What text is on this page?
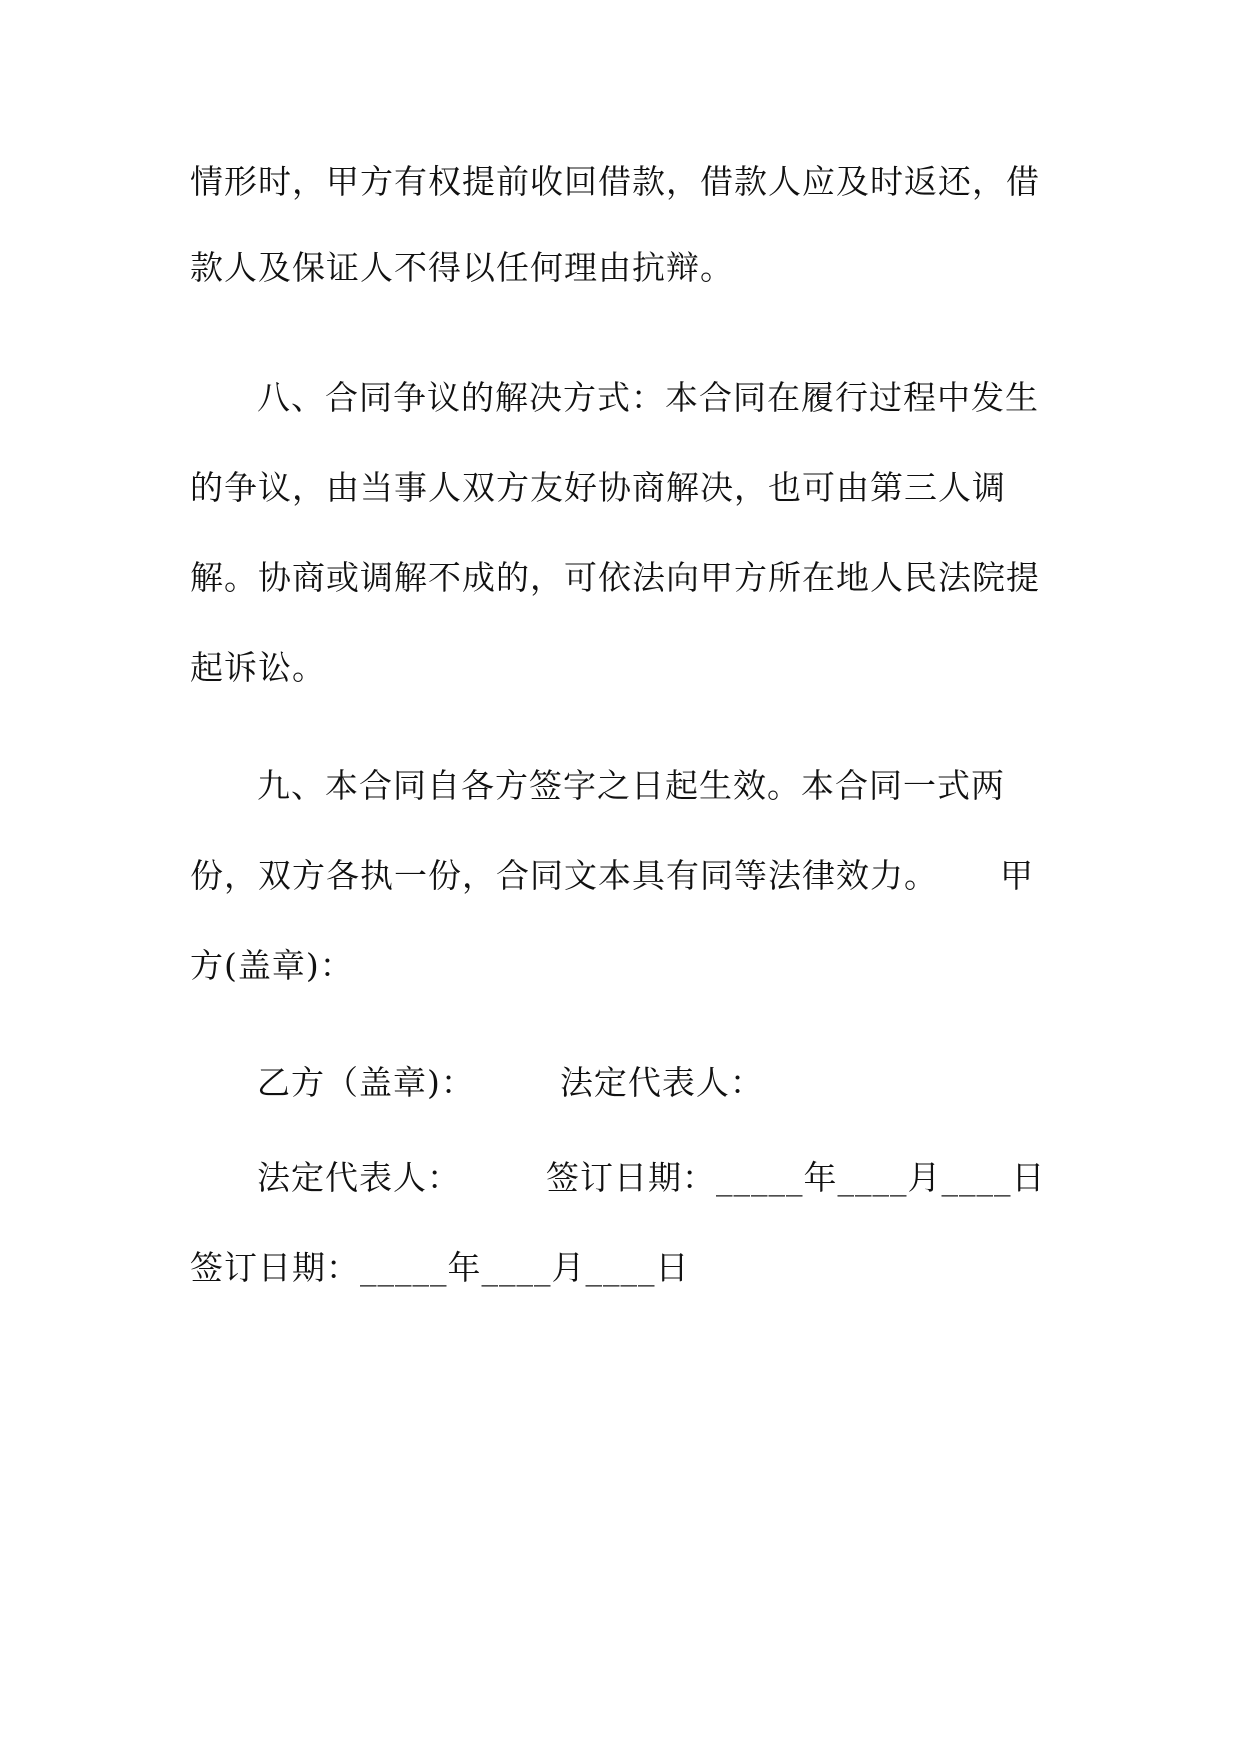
情形时，甲方有权提前收回借款，借款人应及时返还，借
款人及保证人不得以任何理由抗辩。
八、合同争议的解决方式：本合同在履行过程中发生
的争议，由当事人双方友好协商解决，也可由第三人调
解。协商或调解不成的，可依法向甲方所在地人民法院提
起诉讼。
九、本合同自各方签字之日起生效。本合同一式两
份，双方各执一份，合同文本具有同等法律效力。 甲
方(盖章)：
乙方（盖章)：	法定代表人：
法定代表人：	签订日期：_____年____月____日
签订日期：_____年____月____日
